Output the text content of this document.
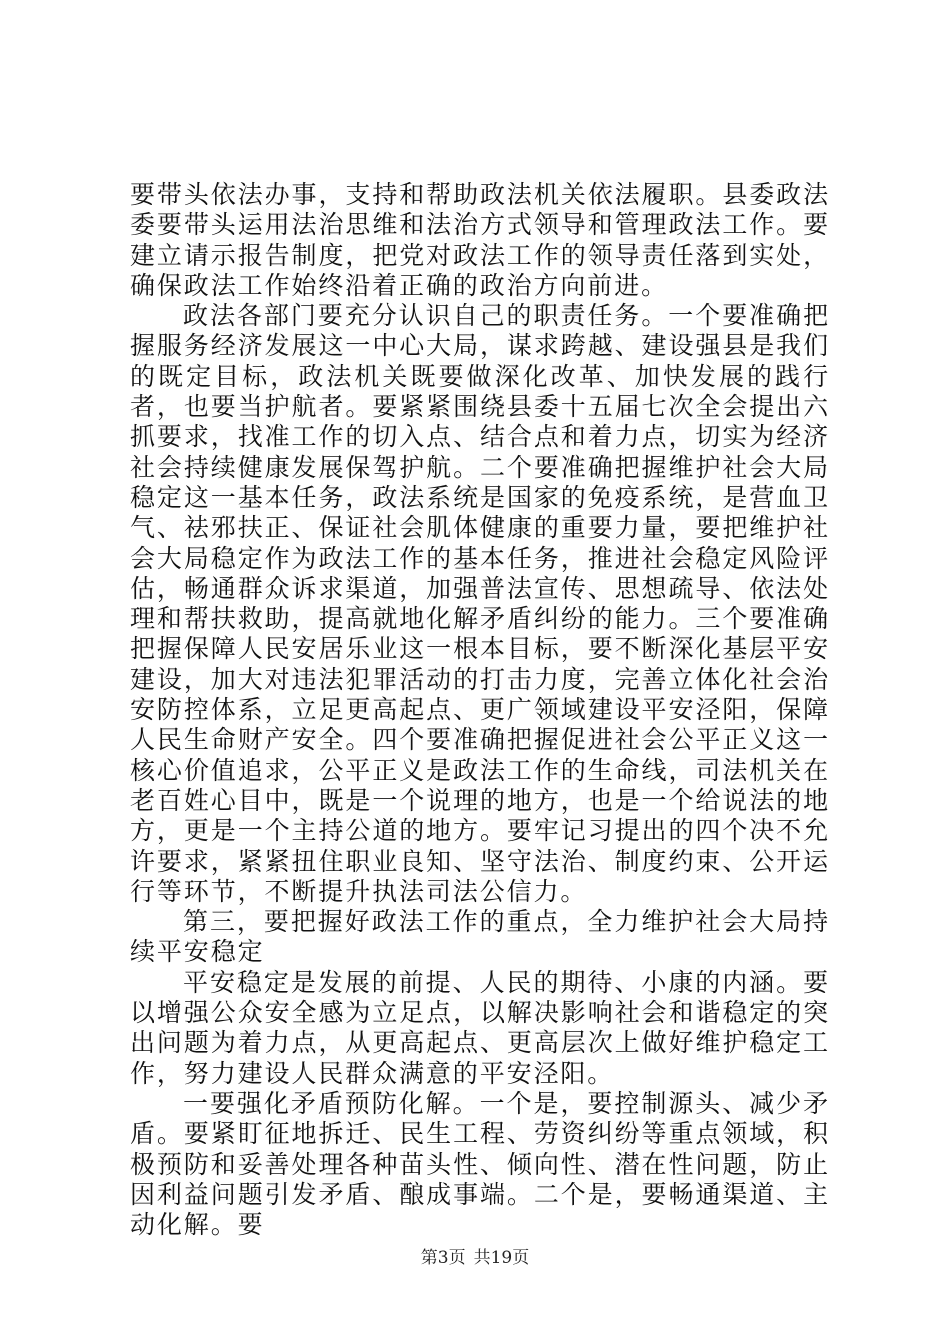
要带头依法办事，支持和帮助政法机关依法履职。县委政法委要带头运用法治思维和法治方式领导和管理政法工作。要建立请示报告制度，把党对政法工作的领导责任落到实处，确保政法工作始终沿着正确的政治方向前进。

政法各部门要充分认识自己的职责任务。一个要准确把握服务经济发展这一中心大局，谋求跨越、建设强县是我们的既定目标，政法机关既要做深化改革、加快发展的践行者，也要当护航者。要紧紧围绕县委十五届七次全会提出六抓要求，找准工作的切入点、结合点和着力点，切实为经济社会持续健康发展保驾护航。二个要准确把握维护社会大局稳定这一基本任务，政法系统是国家的免疫系统，是营血卫气、祛邪扶正、保证社会肌体健康的重要力量，要把维护社会大局稳定作为政法工作的基本任务，推进社会稳定风险评估，畅通群众诉求渠道，加强普法宣传、思想疏导、依法处理和帮扶救助，提高就地化解矛盾纠纷的能力。三个要准确把握保障人民安居乐业这一根本目标，要不断深化基层平安建设，加大对违法犯罪活动的打击力度，完善立体化社会治安防控体系，立足更高起点、更广领域建设平安泾阳，保障人民生命财产安全。四个要准确把握促进社会公平正义这一核心价值追求，公平正义是政法工作的生命线，司法机关在老百姓心目中，既是一个说理的地方，也是一个给说法的地方，更是一个主持公道的地方。要牢记习提出的四个决不允许要求，紧紧扭住职业良知、坚守法治、制度约束、公开运行等环节，不断提升执法司法公信力。

第三，要把握好政法工作的重点，全力维护社会大局持续平安稳定

平安稳定是发展的前提、人民的期待、小康的内涵。要以增强公众安全感为立足点，以解决影响社会和谐稳定的突出问题为着力点，从更高起点、更高层次上做好维护稳定工作，努力建设人民群众满意的平安泾阳。

一要强化矛盾预防化解。一个是，要控制源头、减少矛盾。要紧盯征地拆迁、民生工程、劳资纠纷等重点领域，积极预防和妥善处理各种苗头性、倾向性、潜在性问题，防止因利益问题引发矛盾、酿成事端。二个是，要畅通渠道、主动化解。要

第3页 共19页
